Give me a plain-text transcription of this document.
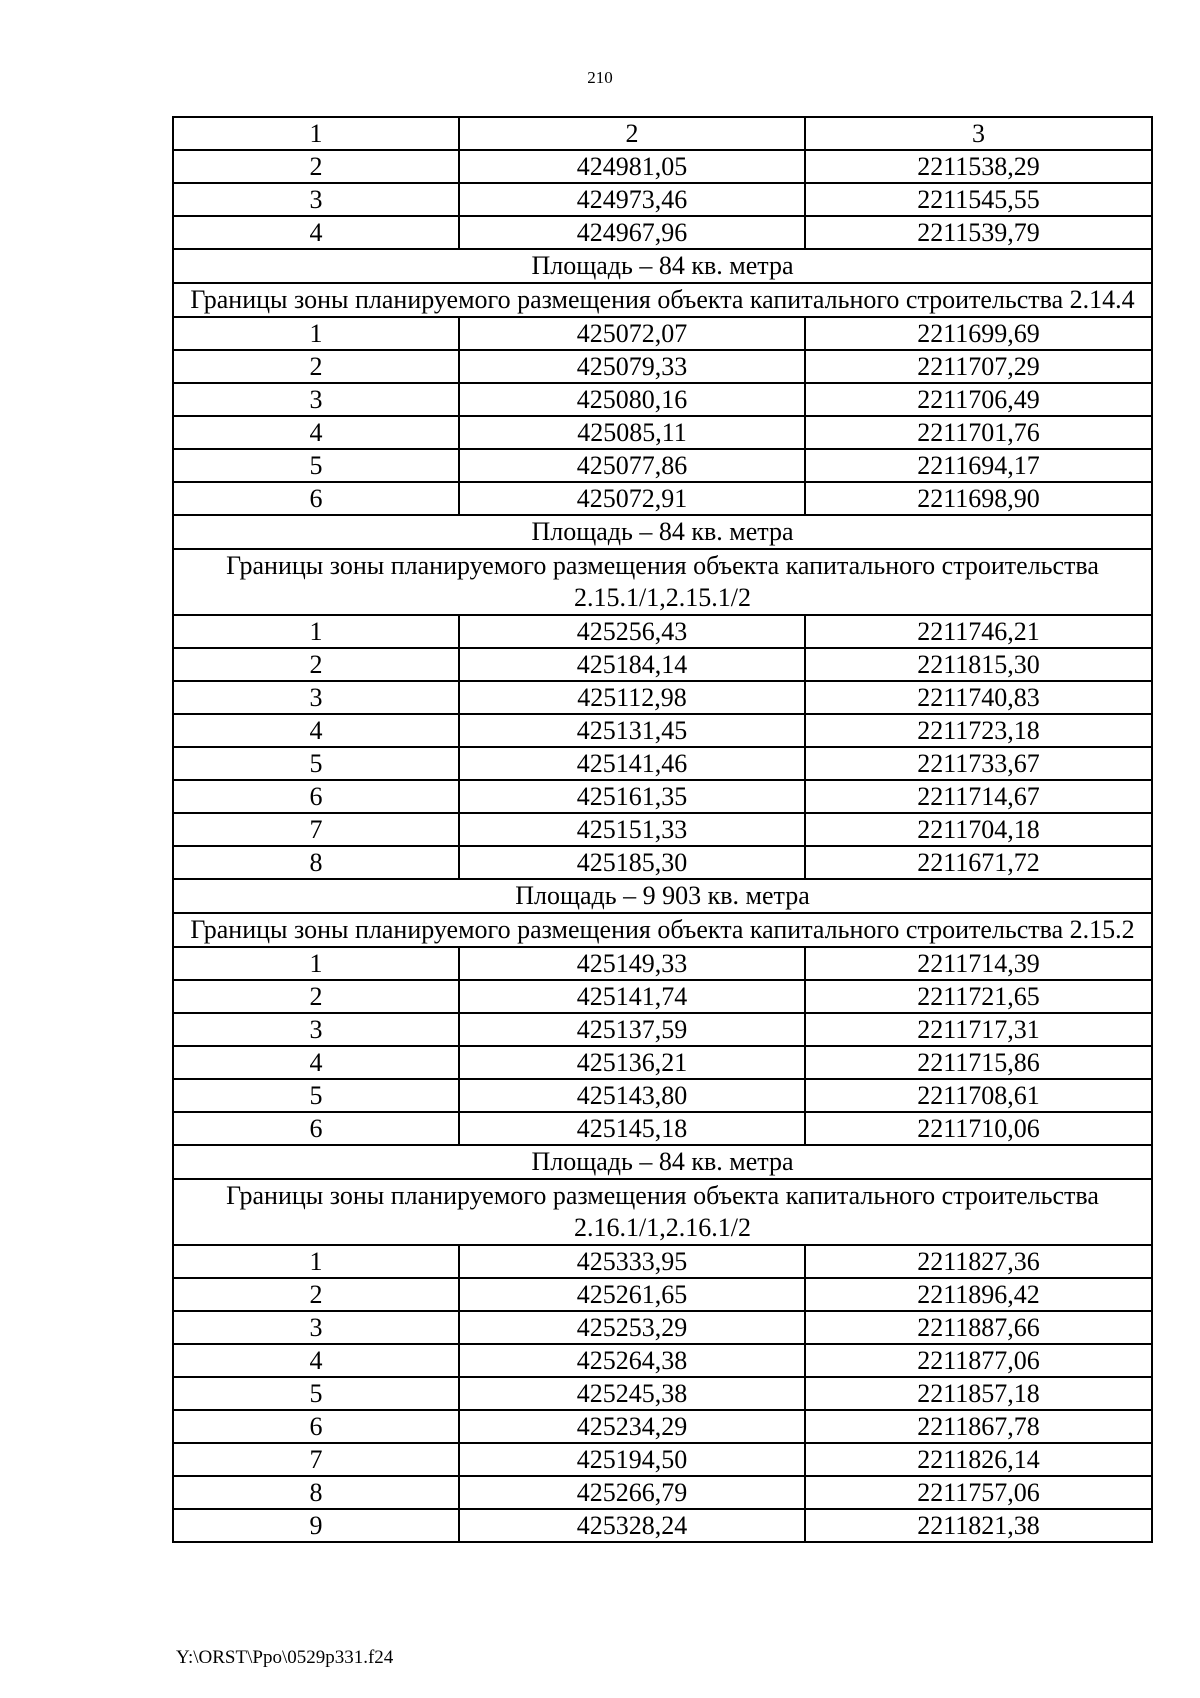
210
1	2	3
2	424981,05	2211538,29
3	424973,46	2211545,55
4	424967,96	2211539,79
Площадь – 84 кв. метра		
Границы зоны планируемого размещения объекта капитального строительства 2.14.4		
1	425072,07	2211699,69
2	425079,33	2211707,29
3	425080,16	2211706,49
4	425085,11	2211701,76
5	425077,86	2211694,17
6	425072,91	2211698,90
Площадь – 84 кв. метра		
Границы зоны планируемого размещения объекта капитального строительства 2.15.1/1,2.15.1/2		
1	425256,43	2211746,21
2	425184,14	2211815,30
3	425112,98	2211740,83
4	425131,45	2211723,18
5	425141,46	2211733,67
6	425161,35	2211714,67
7	425151,33	2211704,18
8	425185,30	2211671,72
Площадь – 9 903 кв. метра		
Границы зоны планируемого размещения объекта капитального строительства 2.15.2		
1	425149,33	2211714,39
2	425141,74	2211721,65
3	425137,59	2211717,31
4	425136,21	2211715,86
5	425143,80	2211708,61
6	425145,18	2211710,06
Площадь – 84 кв. метра		
Границы зоны планируемого размещения объекта капитального строительства 2.16.1/1,2.16.1/2		
1	425333,95	2211827,36
2	425261,65	2211896,42
3	425253,29	2211887,66
4	425264,38	2211877,06
5	425245,38	2211857,18
6	425234,29	2211867,78
7	425194,50	2211826,14
8	425266,79	2211757,06
9	425328,24	2211821,38
Y:\ORST\Ppo\0529p331.f24
